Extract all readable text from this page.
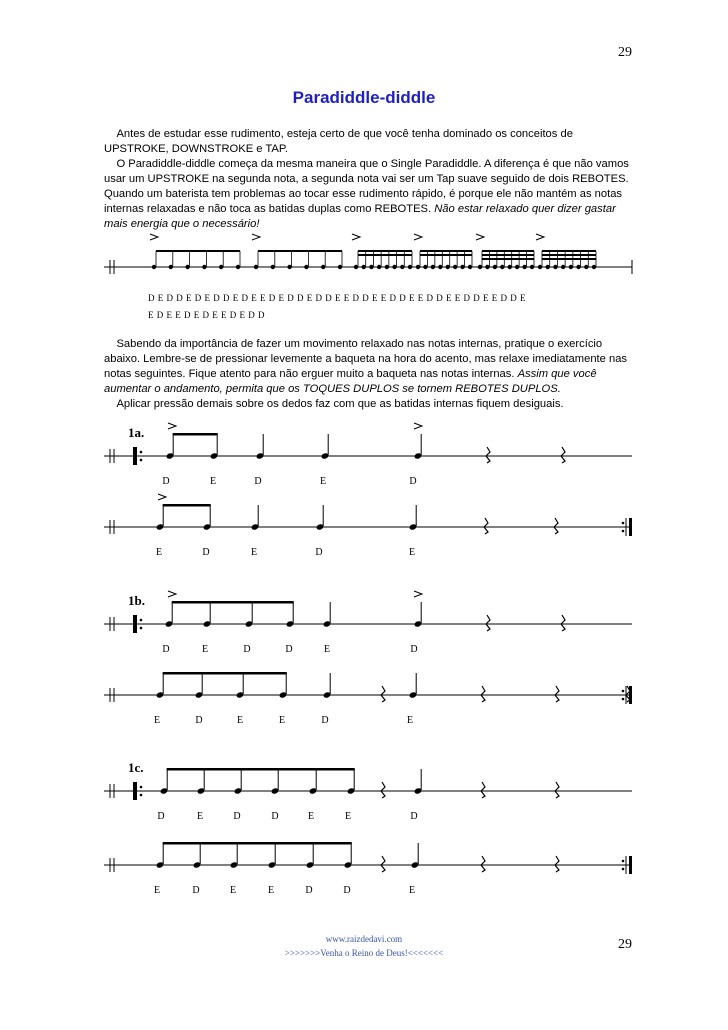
29
Paradiddle-diddle

Antes de estudar esse rudimento, esteja certo de que você tenha dominado os conceitos de UPSTROKE, DOWNSTROKE e TAP.

O Paradiddle-diddle começa da mesma maneira que o Single Paradiddle. A diferença é que não vamos usar um UPSTROKE na segunda nota, a segunda nota vai ser um Tap suave seguido de dois REBOTES. Quando um baterista tem problemas ao tocar esse rudimento rápido, é porque ele não mantém as notas internas relaxadas e não toca as batidas duplas como REBOTES. Não estar relaxado quer dizer gastar mais energia que o necessário!

Sabendo da importância de fazer um movimento relaxado nas notas internas, pratique o exercício abaixo. Lembre-se de pressionar levemente a baqueta na hora do acento, mas relaxe imediatamente nas notas seguintes. Fique atento para não erguer muito a baqueta nas notas internas. Assim que você aumentar o andamento, permita que os TOQUES DUPLOS se tornem REBOTES DUPLOS.

Aplicar pressão demais sobre os dedos faz com que as batidas internas fiquem desiguais.

D E D D E D E D D E D E E D E D D E D D E E D D E E D D E E D D E E D D E E D D E
E D E E D E D E E D E D D
1a.
D	E	D	E	D
E	D	E	D	E
1b.
D	E	D	D	E	D
E	D	E	E	D	E
1c.
D	E	D	D	E	E	D
E	D	E	E	D	D	E
www.raizdedavi.com
>>>>>>>Venha o Reino de Deus!<<<<<<<
29
